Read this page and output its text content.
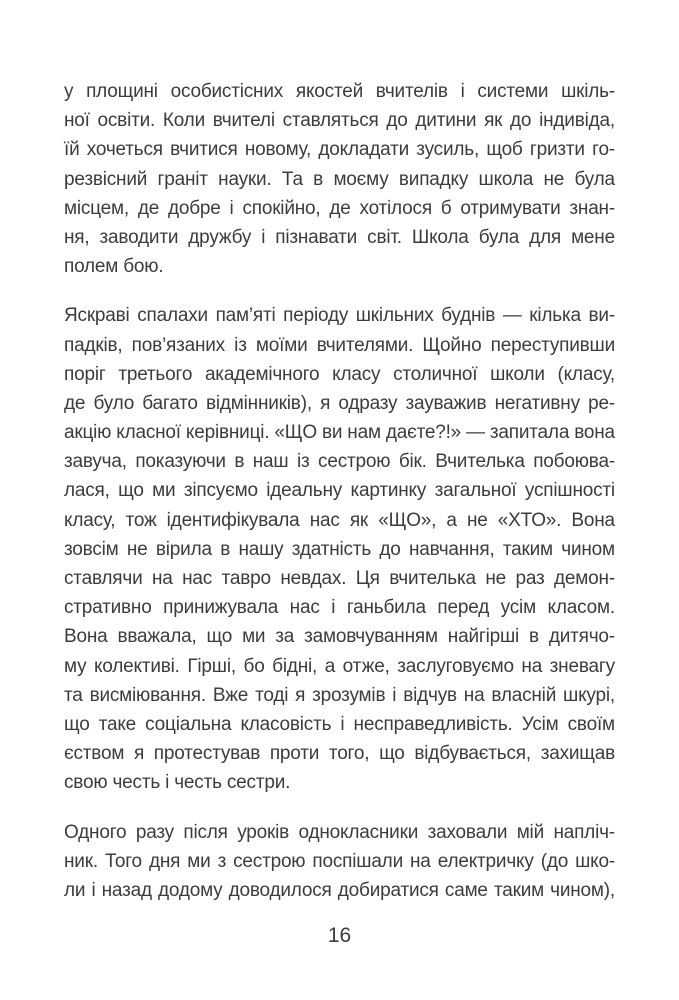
у площині особистісних якостей вчителів і системи шкіль-
ної освіти. Коли вчителі ставляться до дитини як до індивіда,
їй хочеться вчитися новому, докладати зусиль, щоб гризти го-
резвісний граніт науки. Та в моєму випадку школа не була
місцем, де добре і спокійно, де хотілося б отримувати знан-
ня, заводити дружбу і пізнавати світ. Школа була для мене
полем бою.
Яскраві спалахи пам’яті періоду шкільних буднів — кілька ви-
падків, пов’язаних із моїми вчителями. Щойно переступивши
поріг третього академічного класу столичної школи (класу,
де було багато відмінників), я одразу зауважив негативну ре-
акцію класної керівниці. «ЩО ви нам даєте?!» — запитала вона
завуча, показуючи в наш із сестрою бік. Вчителька побоюва-
лася, що ми зіпсуємо ідеальну картинку загальної успішності
класу, тож ідентифікувала нас як «ЩО», а не «ХТО». Вона
зовсім не вірила в нашу здатність до навчання, таким чином
ставлячи на нас тавро невдах. Ця вчителька не раз демон-
стративно принижувала нас і ганьбила перед усім класом.
Вона вважала, що ми за замовчуванням найгірші в дитячо-
му колективі. Гірші, бо бідні, а отже, заслуговуємо на зневагу
та висміювання. Вже тоді я зрозумів і відчув на власній шкурі,
що таке соціальна класовість і несправедливість. Усім своїм
єством я протестував проти того, що відбувається, захищав
свою честь і честь сестри.
Одного разу після уроків однокласники заховали мій напліч-
ник. Того дня ми з сестрою поспішали на електричку (до шко-
ли і назад додому доводилося добиратися саме таким чином),
16
